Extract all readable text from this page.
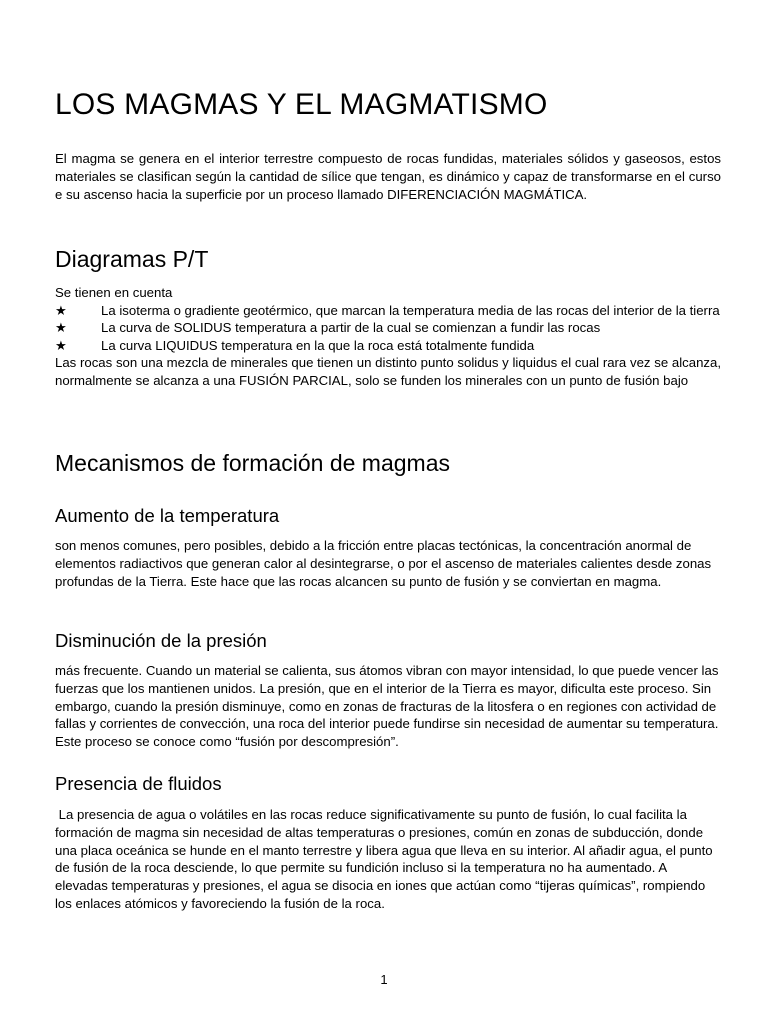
LOS MAGMAS Y EL MAGMATISMO
El magma se genera en el interior terrestre compuesto de rocas fundidas, materiales sólidos y gaseosos, estos materiales se clasifican según la cantidad de sílice que tengan, es dinámico y capaz de transformarse en el curso e su ascenso hacia la superficie por un proceso llamado DIFERENCIACIÓN MAGMÁTICA.
Diagramas P/T
Se tienen en cuenta
★	La isoterma o gradiente geotérmico, que marcan la temperatura media de las rocas del interior de la tierra
★	La curva de SOLIDUS temperatura a partir de la cual se comienzan a fundir las rocas
★	La curva LIQUIDUS temperatura en la que la roca está totalmente fundida
Las rocas son una mezcla de minerales que tienen un distinto punto solidus y liquidus el cual rara vez se alcanza, normalmente se alcanza a una FUSIÓN PARCIAL, solo se funden los minerales con un punto de fusión bajo
Mecanismos de formación de magmas
Aumento de la temperatura
son menos comunes, pero posibles, debido a la fricción entre placas tectónicas, la concentración anormal de elementos radiactivos que generan calor al desintegrarse, o por el ascenso de materiales calientes desde zonas profundas de la Tierra. Este hace que las rocas alcancen su punto de fusión y se conviertan en magma.
Disminución de la presión
más frecuente. Cuando un material se calienta, sus átomos vibran con mayor intensidad, lo que puede vencer las fuerzas que los mantienen unidos. La presión, que en el interior de la Tierra es mayor, dificulta este proceso. Sin embargo, cuando la presión disminuye, como en zonas de fracturas de la litosfera o en regiones con actividad de fallas y corrientes de convección, una roca del interior puede fundirse sin necesidad de aumentar su temperatura. Este proceso se conoce como “fusión por descompresión”.
Presencia de fluidos
La presencia de agua o volátiles en las rocas reduce significativamente su punto de fusión, lo cual facilita la formación de magma sin necesidad de altas temperaturas o presiones, común en zonas de subducción, donde una placa oceánica se hunde en el manto terrestre y libera agua que lleva en su interior. Al añadir agua, el punto de fusión de la roca desciende, lo que permite su fundición incluso si la temperatura no ha aumentado. A elevadas temperaturas y presiones, el agua se disocia en iones que actúan como “tijeras químicas”, rompiendo los enlaces atómicos y favoreciendo la fusión de la roca.
1
